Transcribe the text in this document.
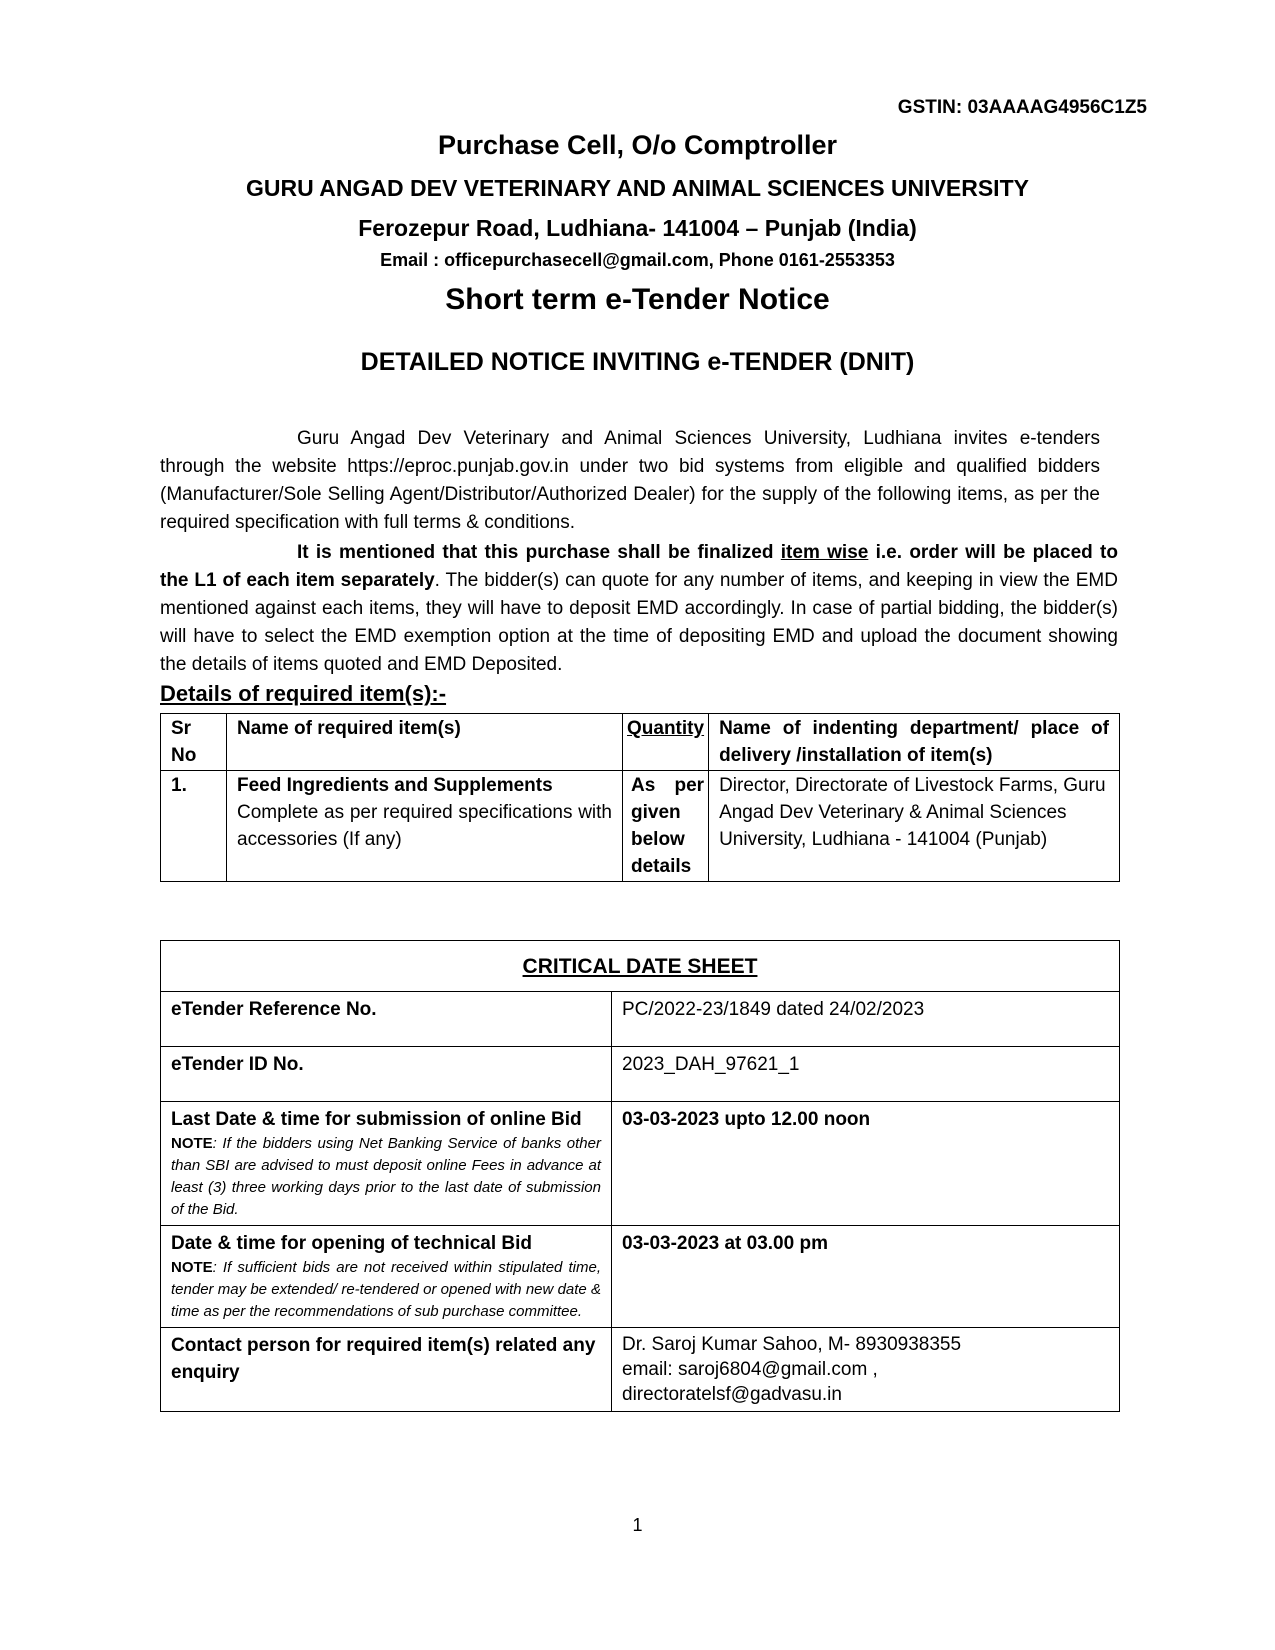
GSTIN: 03AAAAG4956C1Z5
Purchase Cell, O/o Comptroller
GURU ANGAD DEV VETERINARY AND ANIMAL SCIENCES UNIVERSITY
Ferozepur Road, Ludhiana- 141004 – Punjab (India)
Email : officepurchasecell@gmail.com, Phone 0161-2553353
Short term e-Tender Notice
DETAILED NOTICE INVITING e-TENDER (DNIT)
Guru Angad Dev Veterinary and Animal Sciences University, Ludhiana invites e-tenders through the website https://eproc.punjab.gov.in under two bid systems from eligible and qualified bidders (Manufacturer/Sole Selling Agent/Distributor/Authorized Dealer) for the supply of the following items, as per the required specification with full terms & conditions.
It is mentioned that this purchase shall be finalized item wise i.e. order will be placed to the L1 of each item separately. The bidder(s) can quote for any number of items, and keeping in view the EMD mentioned against each items, they will have to deposit EMD accordingly. In case of partial bidding, the bidder(s) will have to select the EMD exemption option at the time of depositing EMD and upload the document showing the details of items quoted and EMD Deposited.
Details of required item(s):-
Sr No	Name of required item(s)	Quantity	Name of indenting department/ place of delivery /installation of item(s)
1.	Feed Ingredients and Supplements
Complete as per required specifications with accessories (If any)	As per given below details	Director, Directorate of Livestock Farms, Guru Angad Dev Veterinary & Animal Sciences University, Ludhiana - 141004 (Punjab)
CRITICAL DATE SHEET	
eTender Reference No.	PC/2022-23/1849 dated 24/02/2023
eTender ID No.	2023_DAH_97621_1

Last Date & time for submission of online Bid
NOTE: If the bidders using Net Banking Service of banks other than SBI are advised to must deposit online Fees in advance at least (3) three working days prior to the last date of submission of the Bid.	03-03-2023 upto 12.00 noon

Date & time for opening of technical Bid
NOTE: If sufficient bids are not received within stipulated time, tender may be extended/ re-tendered or opened with new date & time as per the recommendations of sub purchase committee.	03-03-2023 at 03.00 pm
Contact person for required item(s) related any enquiry	Dr. Saroj Kumar Sahoo, M- 8930938355
email: saroj6804@gmail.com ,
directoratelsf@gadvasu.in
1
